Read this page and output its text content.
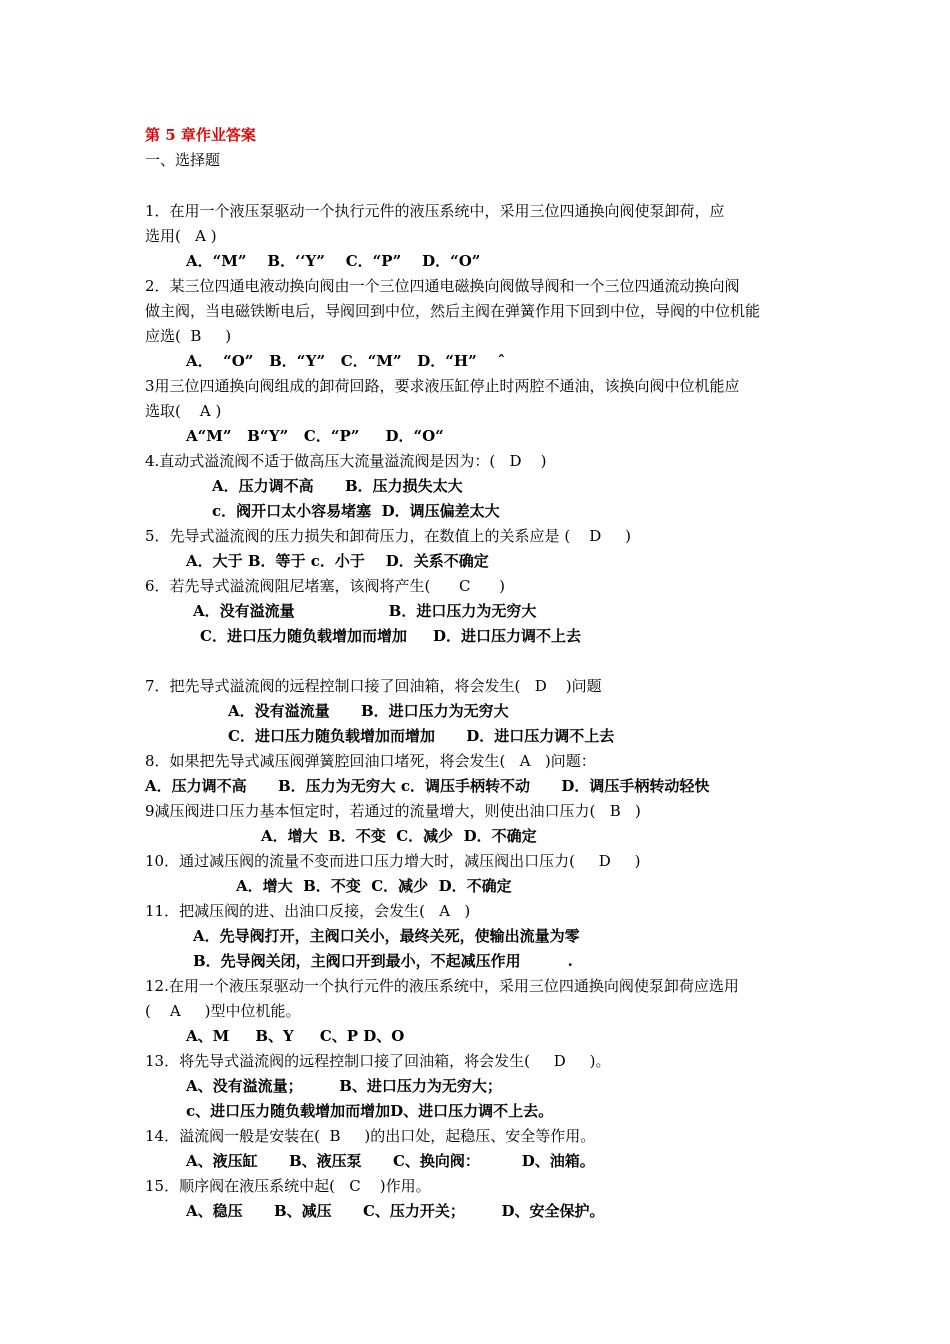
第 5 章作业答案
一、选择题
1．在用一个液压泵驱动一个执行元件的液压系统中，采用三位四通换向阀使泵卸荷，应
选用(   A )
A．“M”    B．‘‘Y”    C．“P”    D．“O”
2．某三位四通电液动换向阀由一个三位四通电磁换向阀做导阀和一个三位四通流动换向阀
做主阀，当电磁铁断电后，导阀回到中位，然后主阀在弹簧作用下回到中位，导阀的中位机能
应选(  B     )
A．  “O”   B．“Y”   C．“M”   D．“H”    ˆ
3用三位四通换向阀组成的卸荷回路，要求液压缸停止时两腔不通油，该换向阀中位机能应
选取(    A )
A“M”   B“Y”   C．“P”     D．“O“
4.直动式溢流阀不适于做高压大流量溢流阀是因为：(   D    )
A．压力调不高      B．压力损失太大
c．阀开口太小容易堵塞  D．调压偏差太大
5．先导式溢流阀的压力损失和卸荷压力，在数值上的关系应是 (    D     )
A．大于 B．等于 c．小于    D．关系不确定
6．若先导式溢流阀阻尼堵塞，该阀将产生(      C      )
A．没有溢流量                  B．进口压力为无穷大
C．进口压力随负载增加而增加     D．进口压力调不上去
7．把先导式溢流阀的远程控制口接了回油箱，将会发生(   D    )问题
A．没有溢流量      B．进口压力为无穷大
C．进口压力随负载增加而增加      D．进口压力调不上去
8．如果把先导式减压阀弹簧腔回油口堵死，将会发生(   A   )问题：
A．压力调不高      B．压力为无穷大 c．调压手柄转不动      D．调压手柄转动轻快
9减压阀进口压力基本恒定时，若通过的流量增大，则使出油口压力(   B   )
A．增大  B．不变  C．减少  D．不确定
10．通过减压阀的流量不变而进口压力增大时，减压阀出口压力(     D     )
A．增大  B．不变  C．减少  D．不确定
11．把减压阀的进、出油口反接，会发生(   A   )
A．先导阀打开，主阀口关小，最终关死，使输出流量为零
B．先导阀关闭，主阀口开到最小，不起减压作用         .
12.在用一个液压泵驱动一个执行元件的液压系统中，采用三位四通换向阀使泵卸荷应选用
(    A     )型中位机能。
A、M     B、Y     C、P D、O
13．将先导式溢流阀的远程控制口接了回油箱，将会发生(     D     )。
A、没有溢流量；       B、进口压力为无穷大；
c、进口压力随负载增加而增加D、进口压力调不上去。
14．溢流阀一般是安装在(  B     )的出口处，起稳压、安全等作用。
A、液压缸      B、液压泵      C、换向阀：        D、油箱。
15．顺序阀在液压系统中起(   C    )作用。
A、稳压      B、减压      C、压力开关；       D、安全保护。
